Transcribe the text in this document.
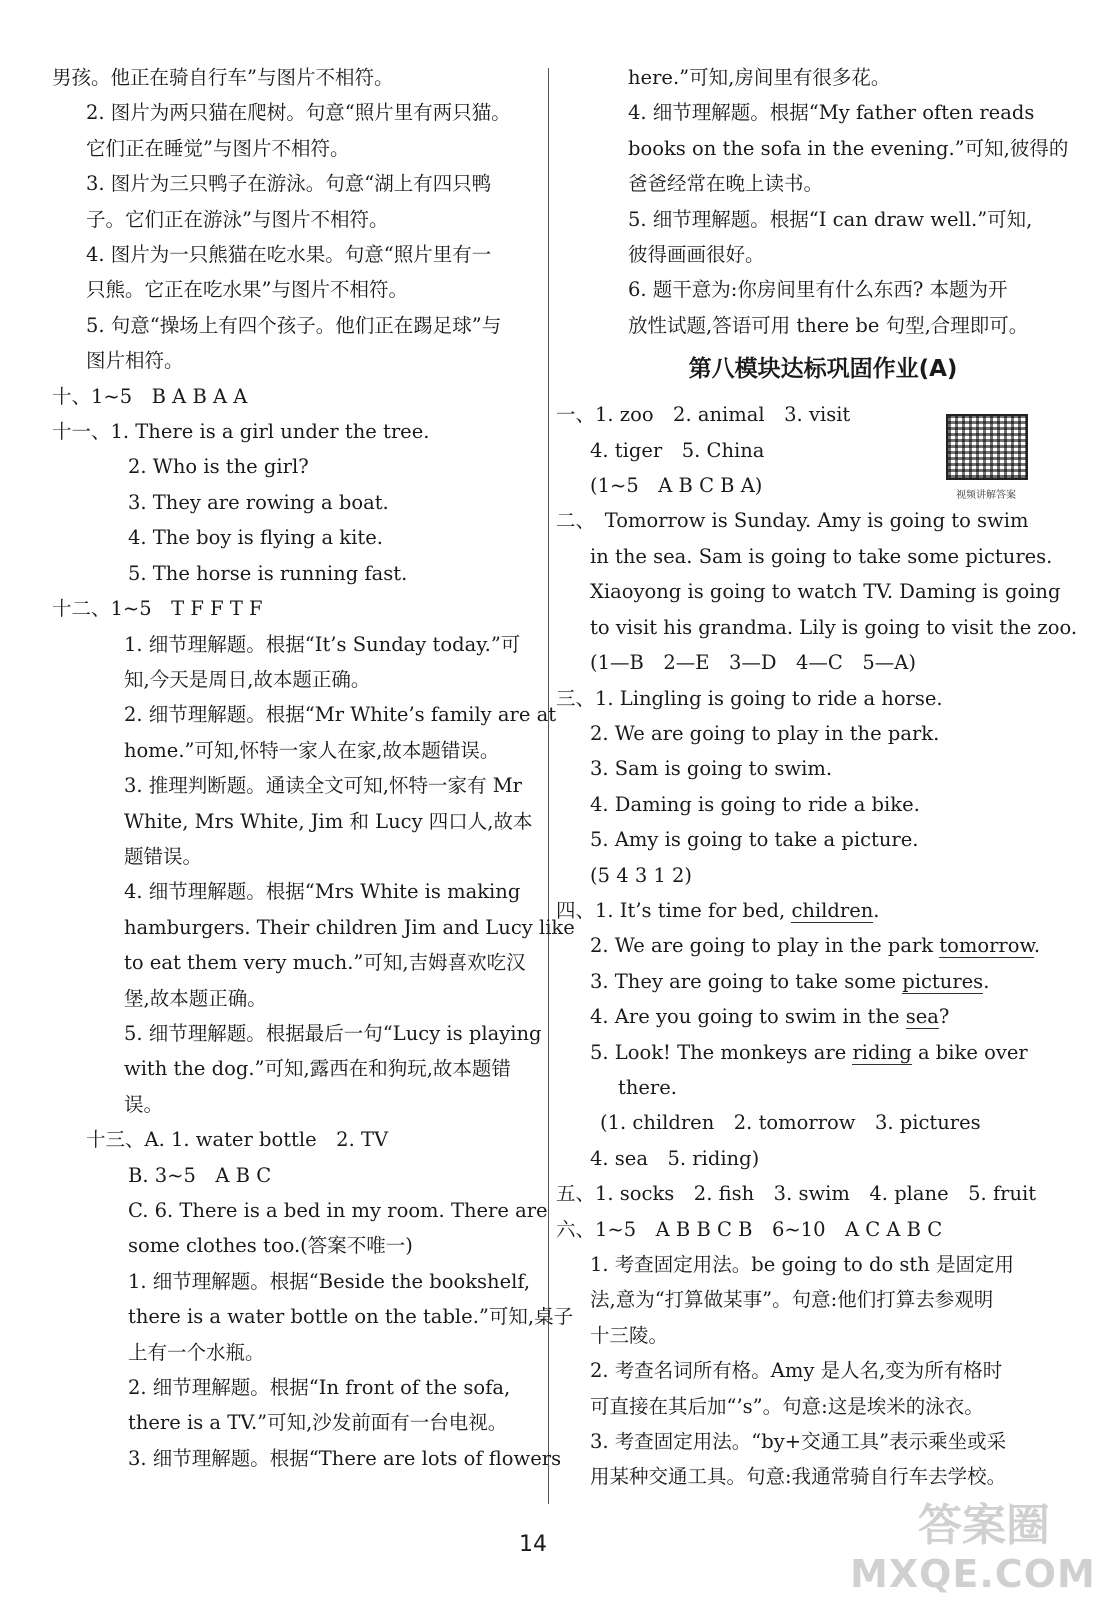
男孩。他正在骑自行车”与图片不相符。
2. 图片为两只猫在爬树。句意“照片里有两只猫。
它们正在睡觉”与图片不相符。
3. 图片为三只鸭子在游泳。句意“湖上有四只鸭
子。它们正在游泳”与图片不相符。
4. 图片为一只熊猫在吃水果。句意“照片里有一
只熊。它正在吃水果”与图片不相符。
5. 句意“操场上有四个孩子。他们正在踢足球”与
图片相符。
十、1~5　B A B A A
十一、1. There is a girl under the tree.
2. Who is the girl?
3. They are rowing a boat.
4. The boy is flying a kite.
5. The horse is running fast.
十二、1~5　T F F T F
1. 细节理解题。根据“It’s Sunday today.”可
知,今天是周日,故本题正确。
2. 细节理解题。根据“Mr White’s family are at
home.”可知,怀特一家人在家,故本题错误。
3. 推理判断题。通读全文可知,怀特一家有 Mr
White, Mrs White, Jim 和 Lucy 四口人,故本
题错误。
4. 细节理解题。根据“Mrs White is making
hamburgers. Their children Jim and Lucy like
to eat them very much.”可知,吉姆喜欢吃汉
堡,故本题正确。
5. 细节理解题。根据最后一句“Lucy is playing
with the dog.”可知,露西在和狗玩,故本题错
误。
十三、A. 1. water bottle　2. TV
B. 3~5　A B C
C. 6. There is a bed in my room. There are
some clothes too.(答案不唯一)
1. 细节理解题。根据“Beside the bookshelf,
there is a water bottle on the table.”可知,桌子
上有一个水瓶。
2. 细节理解题。根据“In front of the sofa,
there is a TV.”可知,沙发前面有一台电视。
3. 细节理解题。根据“There are lots of flowers
here.”可知,房间里有很多花。
4. 细节理解题。根据“My father often reads
books on the sofa in the evening.”可知,彼得的
爸爸经常在晚上读书。
5. 细节理解题。根据“I can draw well.”可知,
彼得画画很好。
6. 题干意为:你房间里有什么东西? 本题为开
放性试题,答语可用 there be 句型,合理即可。
第八模块达标巩固作业(A)
一、1. zoo　2. animal　3. visit
4. tiger　5. China
(1~5　A B C B A)
二、　Tomorrow is Sunday. Amy is going to swim
in the sea. Sam is going to take some pictures.
Xiaoyong is going to watch TV. Daming is going
to visit his grandma. Lily is going to visit the zoo.
(1—B　2—E　3—D　4—C　5—A)
三、1. Lingling is going to ride a horse.
2. We are going to play in the park.
3. Sam is going to swim.
4. Daming is going to ride a bike.
5. Amy is going to take a picture.
(5 4 3 1 2)
四、1. It’s time for bed, children.
2. We are going to play in the park tomorrow.
3. They are going to take some pictures.
4. Are you going to swim in the sea?
5. Look! The monkeys are riding a bike over
there.
(1. children　2. tomorrow　3. pictures
4. sea　5. riding)
五、1. socks　2. fish　3. swim　4. plane　5. fruit
六、1~5　A B B C B　6~10　A C A B C
1. 考查固定用法。be going to do sth 是固定用
法,意为“打算做某事”。句意:他们打算去参观明
十三陵。
2. 考查名词所有格。Amy 是人名,变为所有格时
可直接在其后加“’s”。句意:这是埃米的泳衣。
3. 考查固定用法。“by+交通工具”表示乘坐或采
用某种交通工具。句意:我通常骑自行车去学校。
视频讲解答案
14	答案圈
MXQE.COM
